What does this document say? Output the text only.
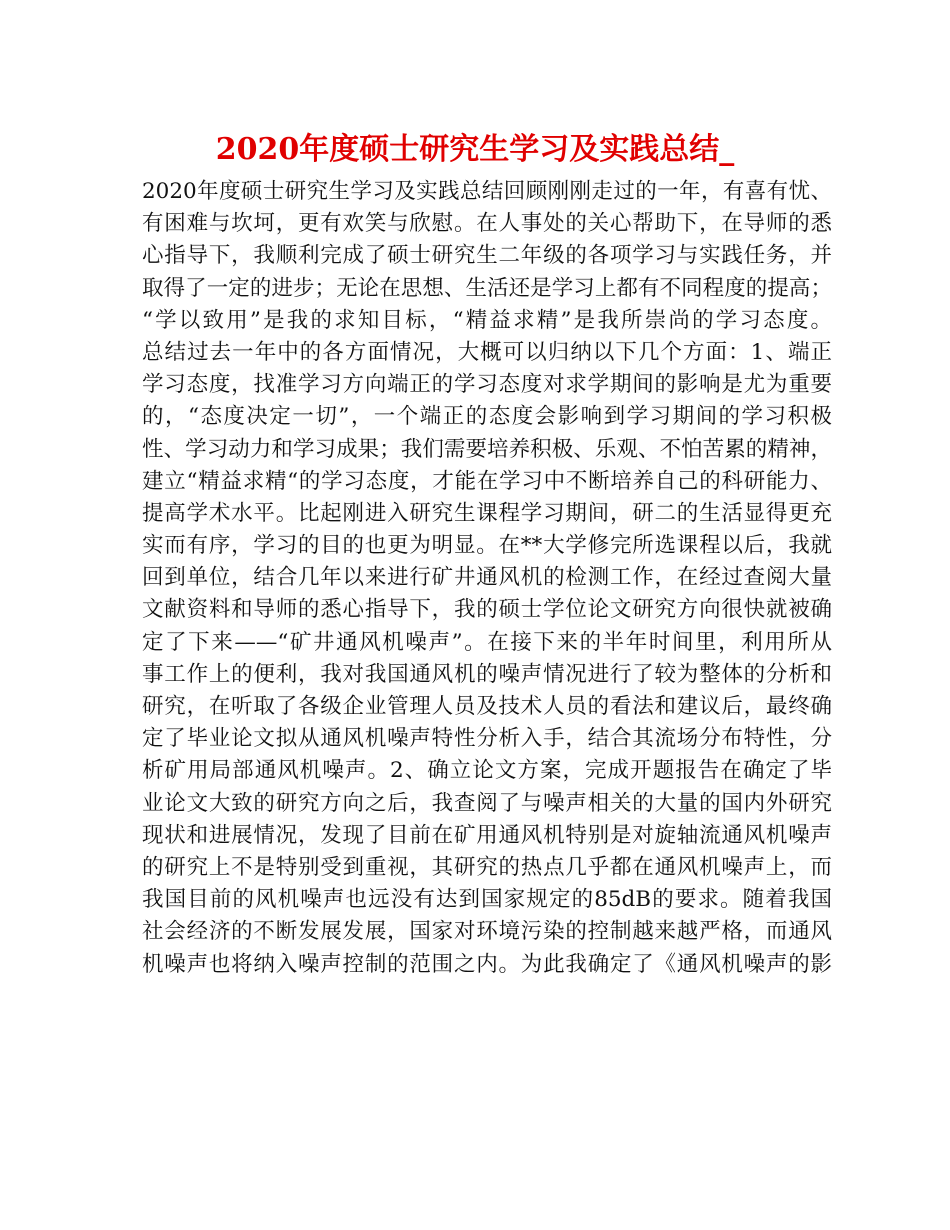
2020年度硕士研究生学习及实践总结_
2020年度硕士研究生学习及实践总结回顾刚刚走过的一年，有喜有忧、
有困难与坎坷，更有欢笑与欣慰。在人事处的关心帮助下，在导师的悉
心指导下，我顺利完成了硕士研究生二年级的各项学习与实践任务，并
取得了一定的进步；无论在思想、生活还是学习上都有不同程度的提高；
“学以致用”是我的求知目标，“精益求精”是我所崇尚的学习态度。
总结过去一年中的各方面情况，大概可以归纳以下几个方面：1、端正
学习态度，找准学习方向端正的学习态度对求学期间的影响是尤为重要
的，“态度决定一切”，一个端正的态度会影响到学习期间的学习积极
性、学习动力和学习成果；我们需要培养积极、乐观、不怕苦累的精神，
建立“精益求精“的学习态度，才能在学习中不断培养自己的科研能力、
提高学术水平。比起刚进入研究生课程学习期间，研二的生活显得更充
实而有序，学习的目的也更为明显。在**大学修完所选课程以后，我就
回到单位，结合几年以来进行矿井通风机的检测工作，在经过查阅大量
文献资料和导师的悉心指导下，我的硕士学位论文研究方向很快就被确
定了下来——“矿井通风机噪声”。在接下来的半年时间里，利用所从
事工作上的便利，我对我国通风机的噪声情况进行了较为整体的分析和
研究，在听取了各级企业管理人员及技术人员的看法和建议后，最终确
定了毕业论文拟从通风机噪声特性分析入手，结合其流场分布特性，分
析矿用局部通风机噪声。2、确立论文方案，完成开题报告在确定了毕
业论文大致的研究方向之后，我查阅了与噪声相关的大量的国内外研究
现状和进展情况，发现了目前在矿用通风机特别是对旋轴流通风机噪声
的研究上不是特别受到重视，其研究的热点几乎都在通风机噪声上，而
我国目前的风机噪声也远没有达到国家规定的85dB的要求。随着我国
社会经济的不断发展发展，国家对环境污染的控制越来越严格，而通风
机噪声也将纳入噪声控制的范围之内。为此我确定了《通风机噪声的影
